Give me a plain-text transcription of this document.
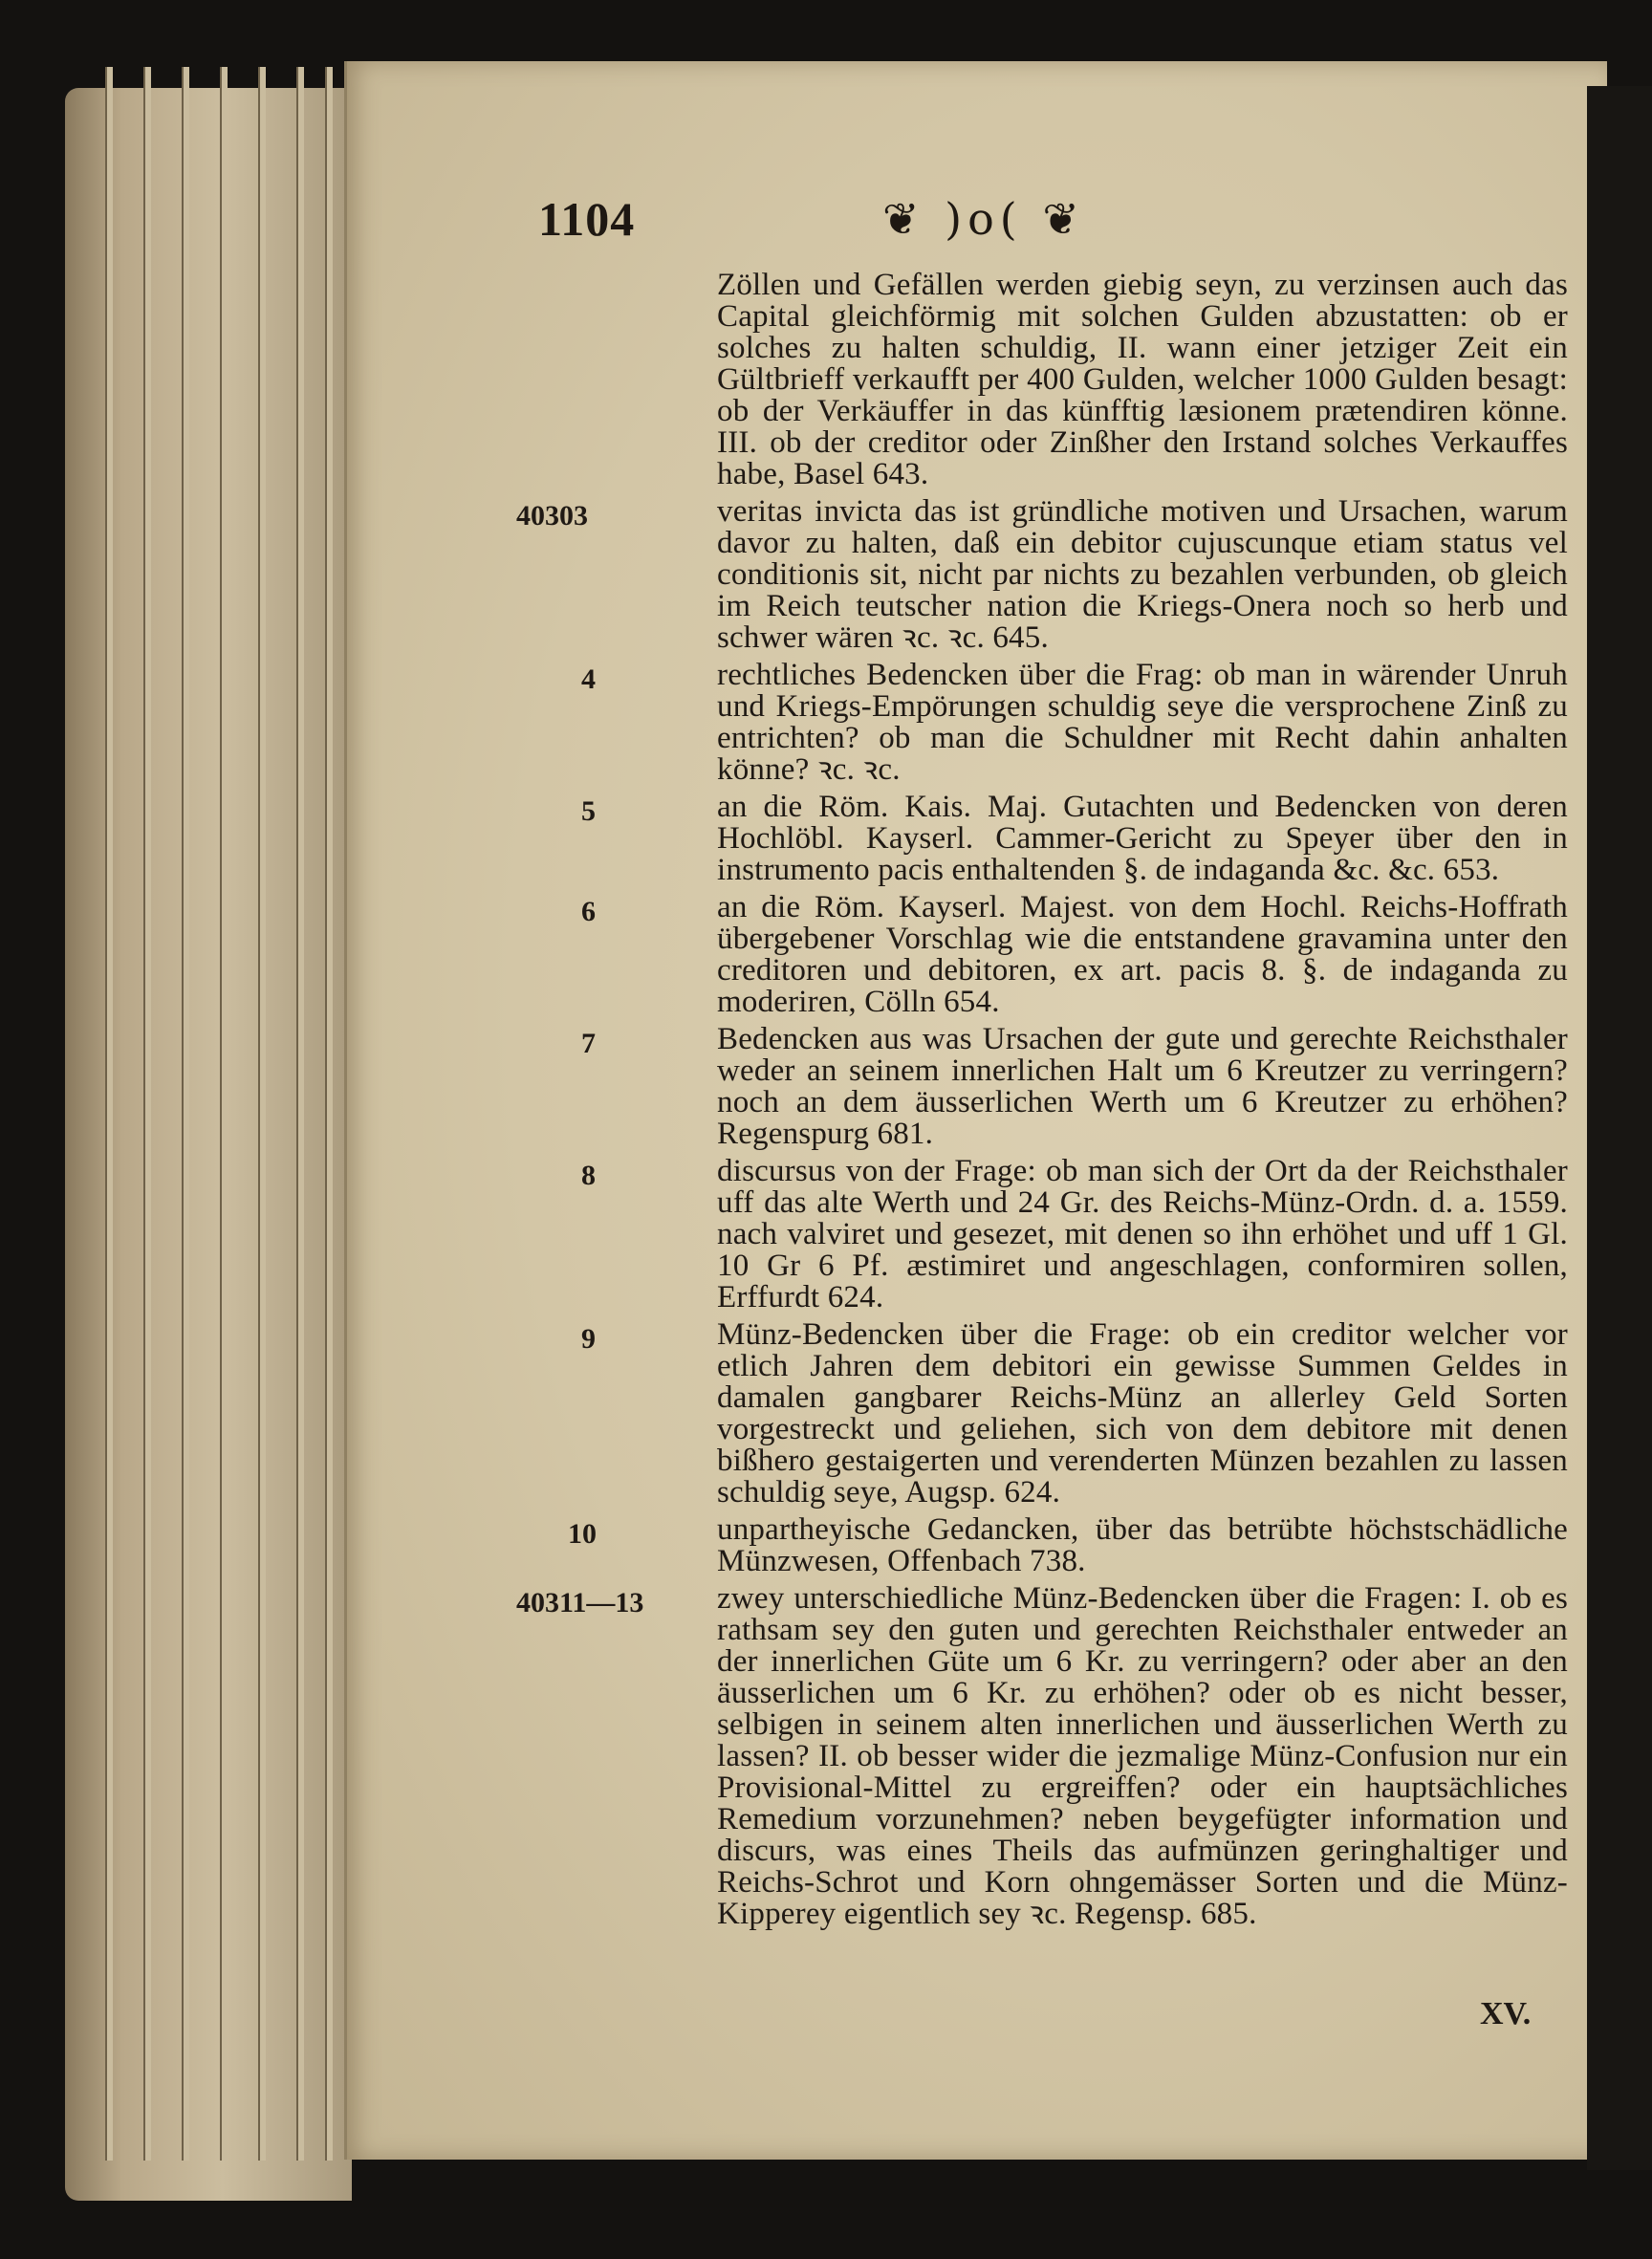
1104	❦ )o( ❦
Zöllen und Gefällen werden giebig seyn, zu verzinsen auch das Capital gleichförmig mit solchen Gulden abzustatten: ob er solches zu halten schuldig, II. wann einer jetziger Zeit ein Gültbrieff verkaufft per 400 Gulden, welcher 1000 Gulden besagt: ob der Verkäuffer in das künfftig læsionem prætendiren könne. III. ob der creditor oder Zinßher den Irstand solches Verkauffes habe, Basel 643.
40303	veritas invicta das ist gründliche motiven und Ursachen, warum davor zu halten, daß ein debitor cujuscunque etiam status vel conditionis sit, nicht par nichts zu bezahlen verbunden, ob gleich im Reich teutscher nation die Kriegs-Onera noch so herb und schwer wären ꝛc. ꝛc. 645.
4	rechtliches Bedencken über die Frag: ob man in wärender Unruh und Kriegs-Empörungen schuldig seye die versprochene Zinß zu entrichten? ob man die Schuldner mit Recht dahin anhalten könne? ꝛc. ꝛc.
5	an die Röm. Kais. Maj. Gutachten und Bedencken von deren Hochlöbl. Kayserl. Cammer-Gericht zu Speyer über den in instrumento pacis enthaltenden §. de indaganda &c. &c. 653.
6	an die Röm. Kayserl. Majest. von dem Hochl. Reichs-Hoffrath übergebener Vorschlag wie die entstandene gravamina unter den creditoren und debitoren, ex art. pacis 8. §. de indaganda zu moderiren, Cölln 654.
7	Bedencken aus was Ursachen der gute und gerechte Reichsthaler weder an seinem innerlichen Halt um 6 Kreutzer zu verringern? noch an dem äusserlichen Werth um 6 Kreutzer zu erhöhen? Regenspurg 681.
8	discursus von der Frage: ob man sich der Ort da der Reichsthaler uff das alte Werth und 24 Gr. des Reichs-Münz-Ordn. d. a. 1559. nach valviret und gesezet, mit denen so ihn erhöhet und uff 1 Gl. 10 Gr 6 Pf. æstimiret und angeschlagen, conformiren sollen, Erffurdt 624.
9	Münz-Bedencken über die Frage: ob ein creditor welcher vor etlich Jahren dem debitori ein gewisse Summen Geldes in damalen gangbarer Reichs-Münz an allerley Geld Sorten vorgestreckt und geliehen, sich von dem debitore mit denen bißhero gestaigerten und verenderten Münzen bezahlen zu lassen schuldig seye, Augsp. 624.
10	unpartheyische Gedancken, über das betrübte höchstschädliche Münzwesen, Offenbach 738.
40311—13 zwey unterschiedliche Münz-Bedencken über die Fragen: I. ob es rathsam sey den guten und gerechten Reichsthaler entweder an der innerlichen Güte um 6 Kr. zu verringern? oder aber an den äusserlichen um 6 Kr. zu erhöhen? oder ob es nicht besser, selbigen in seinem alten innerlichen und äusserlichen Werth zu lassen? II. ob besser wider die jezmalige Münz-Confusion nur ein Provisional-Mittel zu ergreiffen? oder ein hauptsächliches Remedium vorzunehmen? neben beygefügter information und discurs, was eines Theils das aufmünzen geringhaltiger und Reichs-Schrot und Korn ohngemässer Sorten und die Münz-Kipperey eigentlich sey ꝛc. Regensp. 685.
XV.
